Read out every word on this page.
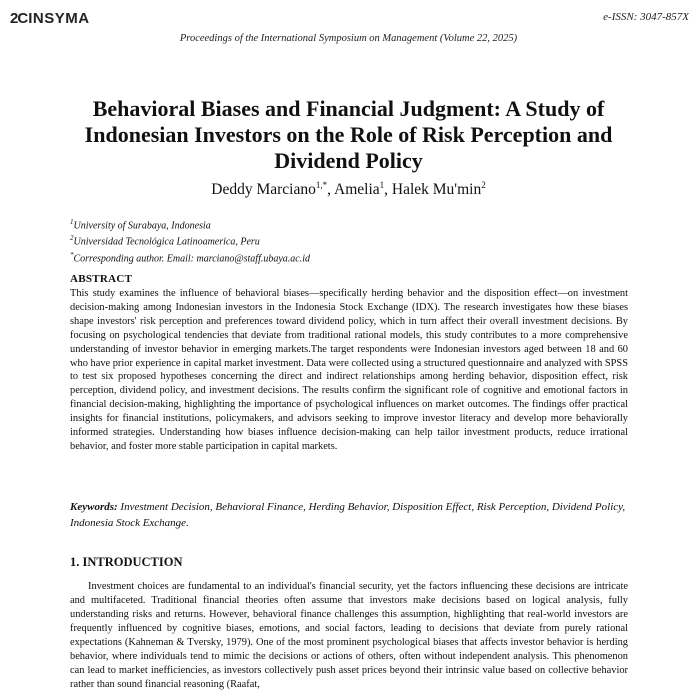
2C INSYMA	e-ISSN: 3047-857X
Proceedings of the International Symposium on Management (Volume 22, 2025)
Behavioral Biases and Financial Judgment: A Study of Indonesian Investors on the Role of Risk Perception and Dividend Policy
Deddy Marciano$^{1,*}$, Amelia$^1$, Halek $Mu'\min^2$
$^1$University of Surabaya, Indonesia
$^2$Universidad Tecnológica Latinoamerica, Peru
*Corresponding author. Email: marciano@staff.ubaya.ac.id
ABSTRACT
This study examines the influence of behavioral biases—specifically herding behavior and the disposition effect—on investment decision-making among Indonesian investors in the Indonesia Stock Exchange (IDX). The research investigates how these biases shape investors' risk perception and preferences toward dividend policy, which in turn affect their overall investment decisions. By focusing on psychological tendencies that deviate from traditional rational models, this study contributes to a more comprehensive understanding of investor behavior in emerging markets.The target respondents were Indonesian investors aged between 18 and 60 who have prior experience in capital market investment. Data were collected using a structured questionnaire and analyzed with SPSS to test six proposed hypotheses concerning the direct and indirect relationships among herding behavior, disposition effect, risk perception, dividend policy, and investment decisions. The results confirm the significant role of cognitive and emotional factors in financial decision-making, highlighting the importance of psychological influences on market outcomes. The findings offer practical insights for financial institutions, policymakers, and advisors seeking to improve investor literacy and develop more behaviorally informed strategies. Understanding how biases influence decision-making can help tailor investment products, reduce irrational behavior, and foster more stable participation in capital markets.
Keywords: Investment Decision, Behavioral Finance, Herding Behavior, Disposition Effect, Risk Perception, Dividend Policy, Indonesia Stock Exchange.
1. INTRODUCTION
Investment choices are fundamental to an individual's financial security, yet the factors influencing these decisions are intricate and multifaceted. Traditional financial theories often assume that investors make decisions based on logical analysis, fully understanding risks and returns. However, behavioral finance challenges this assumption, highlighting that real-world investors are frequently influenced by cognitive biases, emotions, and social factors, leading to decisions that deviate from purely rational expectations (Kahneman & Tversky, 1979). One of the most prominent psychological biases that affects investor behavior is herding behavior, where individuals tend to mimic the decisions or actions of others, often without independent analysis. This phenomenon can lead to market inefficiencies, as investors collectively push asset prices beyond their intrinsic value based on collective behavior rather than sound financial reasoning (Raafat,
